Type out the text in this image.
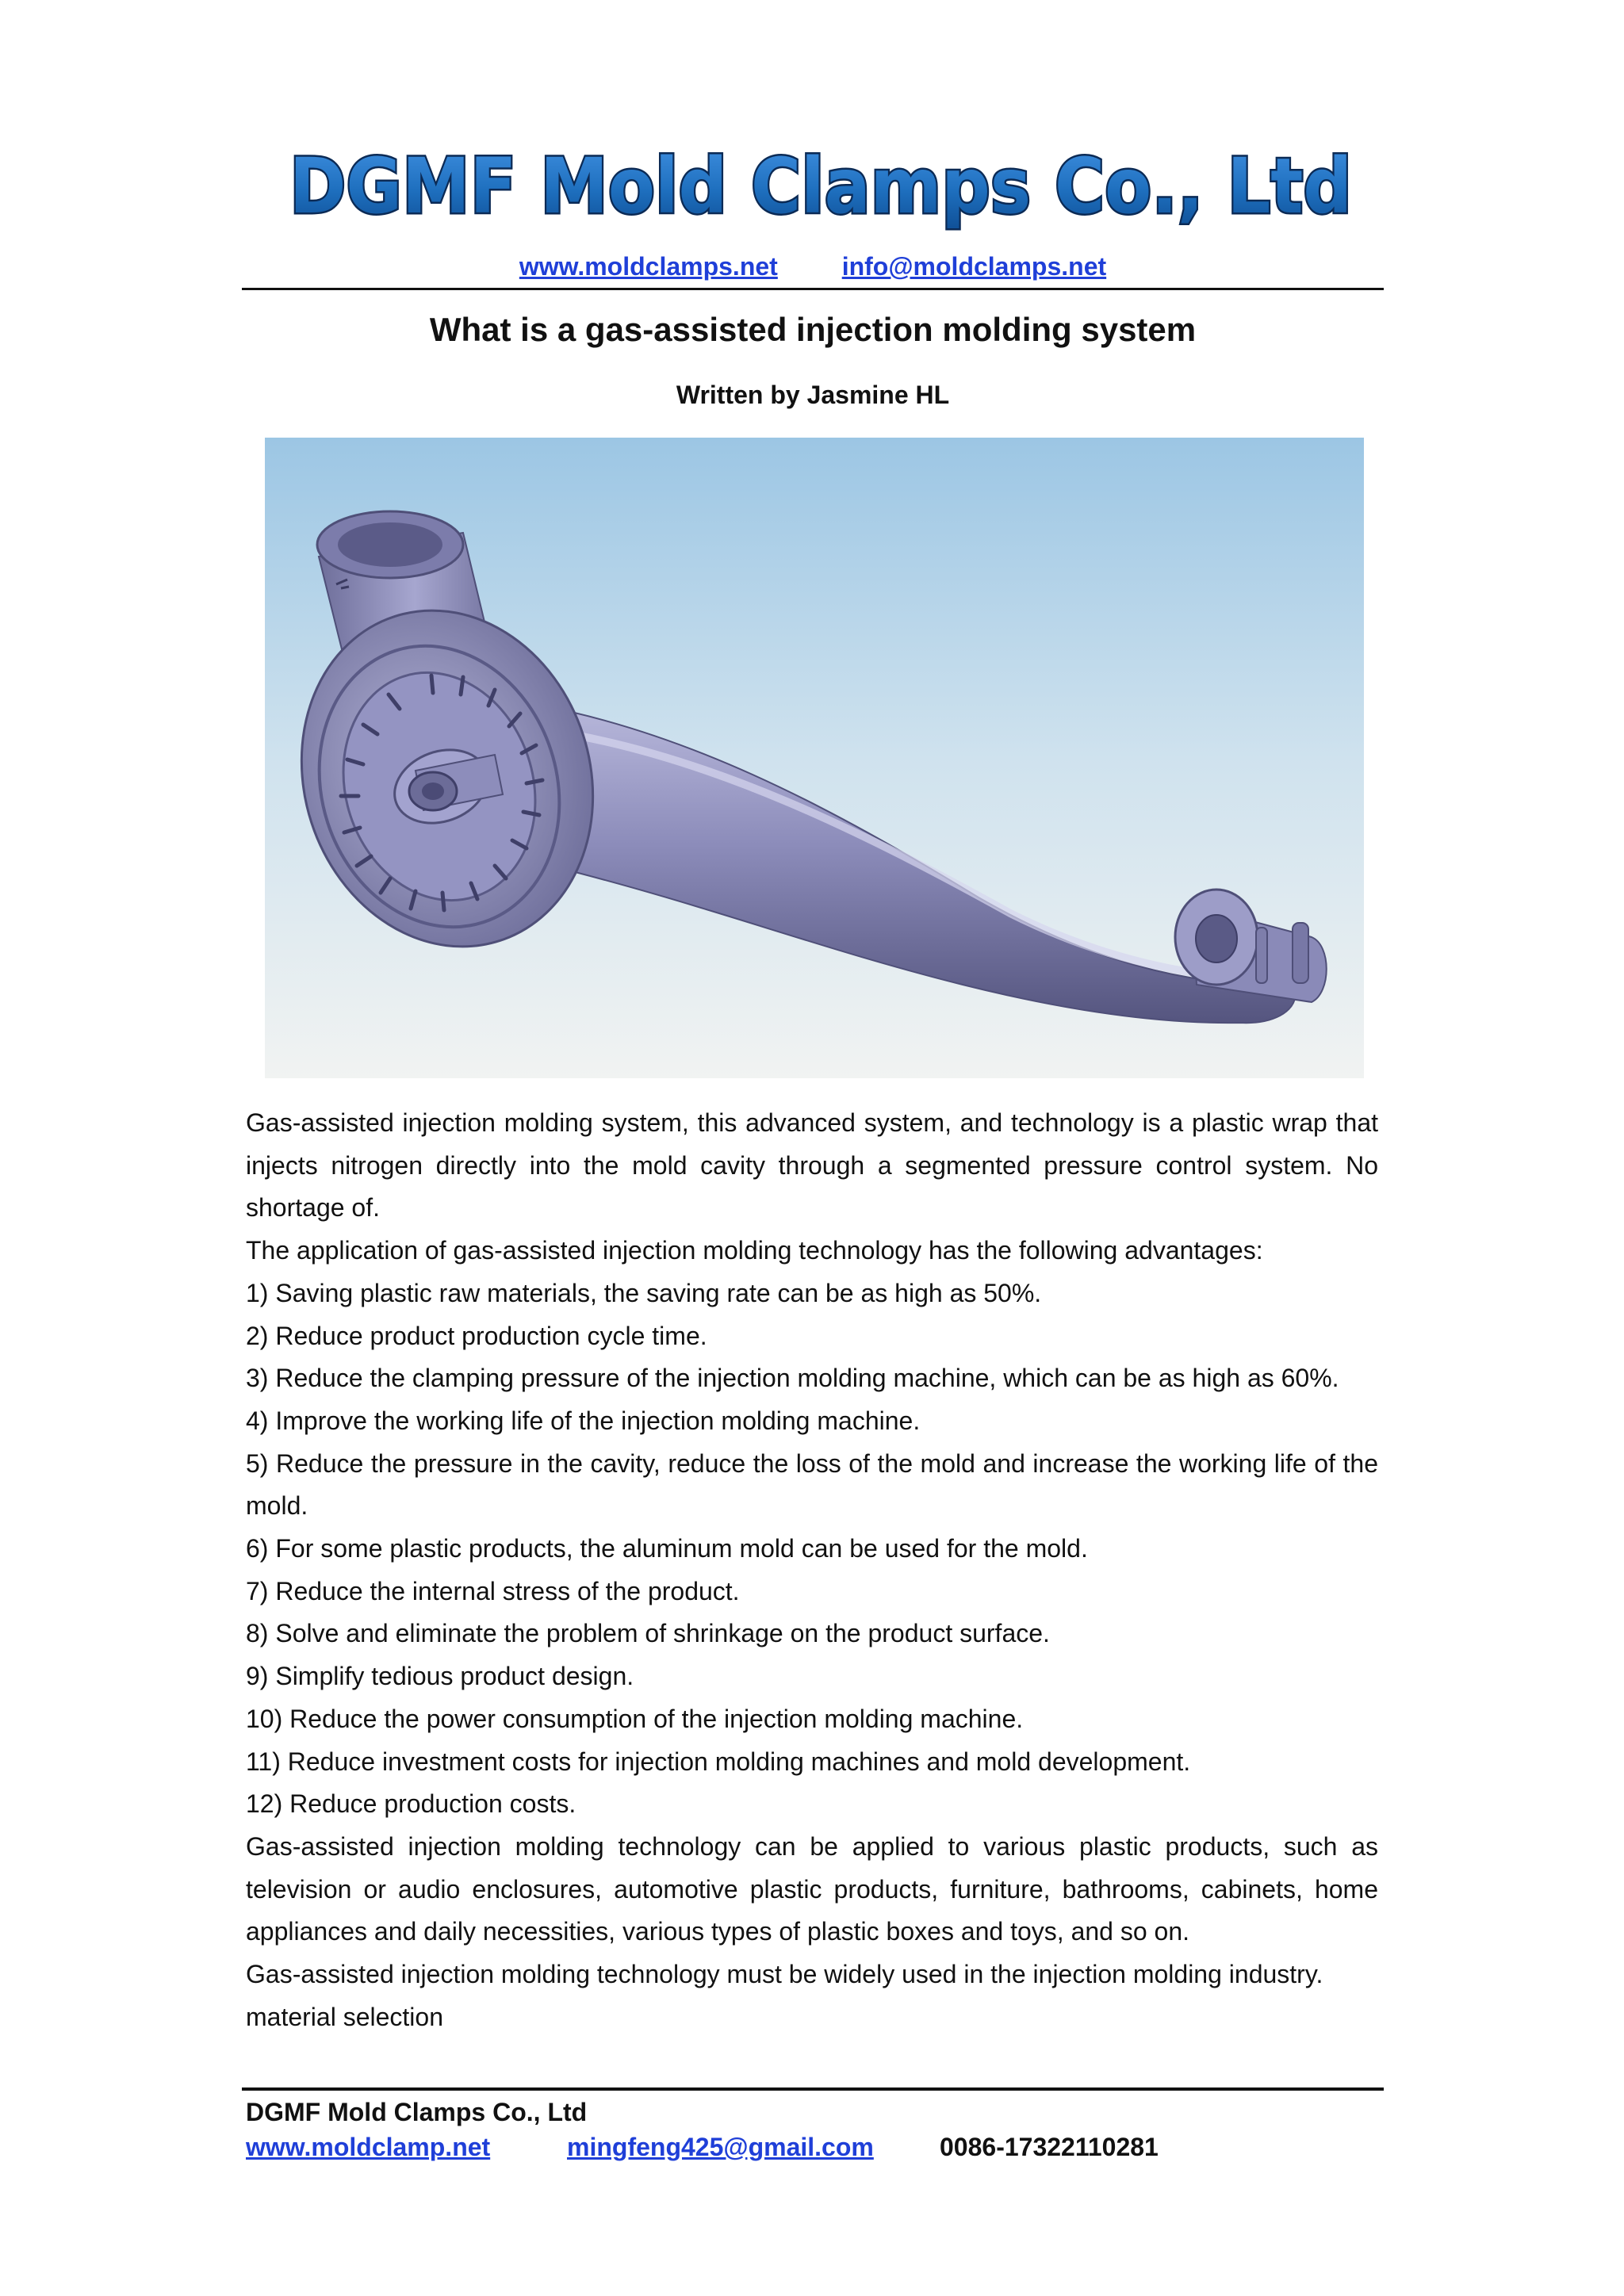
DGMF Mold Clamps Co., Ltd
www.moldclamps.net	info@moldclamps.net
What is a gas-assisted injection molding system
Written by Jasmine HL

Gas-assisted injection molding system, this advanced system, and technology is a plastic wrap that injects nitrogen directly into the mold cavity through a segmented pressure control system. No shortage of.

The application of gas-assisted injection molding technology has the following advantages:

1) Saving plastic raw materials, the saving rate can be as high as 50%.

2) Reduce product production cycle time.

3) Reduce the clamping pressure of the injection molding machine, which can be as high as 60%.

4) Improve the working life of the injection molding machine.

5) Reduce the pressure in the cavity, reduce the loss of the mold and increase the working life of the mold.

6) For some plastic products, the aluminum mold can be used for the mold.

7) Reduce the internal stress of the product.

8) Solve and eliminate the problem of shrinkage on the product surface.

9) Simplify tedious product design.

10) Reduce the power consumption of the injection molding machine.

11) Reduce investment costs for injection molding machines and mold development.

12) Reduce production costs.

Gas-assisted injection molding technology can be applied to various plastic products, such as television or audio enclosures, automotive plastic products, furniture, bathrooms, cabinets, home appliances and daily necessities, various types of plastic boxes and toys, and so on.

Gas-assisted injection molding technology must be widely used in the injection molding industry.

material selection

DGMF Mold Clamps Co., Ltd
www.moldclamp.net	mingfeng425@gmail.com	0086-17322110281
